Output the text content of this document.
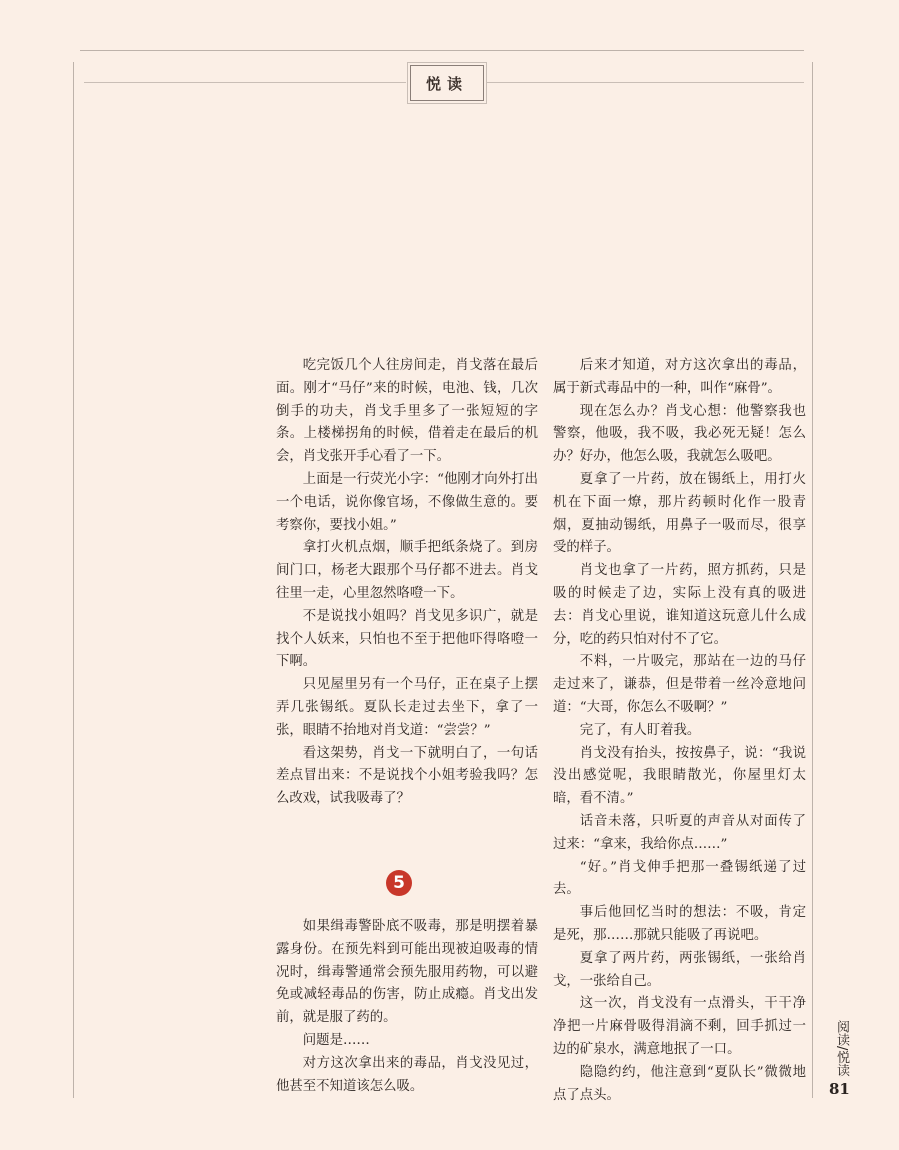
悦读

吃完饭几个人往房间走，肖戈落在最后面。刚才“马仔”来的时候，电池、钱，几次倒手的功夫，肖戈手里多了一张短短的字条。上楼梯拐角的时候，借着走在最后的机会，肖戈张开手心看了一下。

上面是一行荧光小字：“他刚才向外打出一个电话，说你像官场，不像做生意的。要考察你，要找小姐。”

拿打火机点烟，顺手把纸条烧了。到房间门口，杨老大跟那个马仔都不进去。肖戈往里一走，心里忽然咯噔一下。

不是说找小姐吗？肖戈见多识广，就是找个人妖来，只怕也不至于把他吓得咯噔一下啊。

只见屋里另有一个马仔，正在桌子上摆弄几张锡纸。夏队长走过去坐下，拿了一张，眼睛不抬地对肖戈道：“尝尝？”

看这架势，肖戈一下就明白了，一句话差点冒出来：不是说找个小姐考验我吗？怎么改戏，试我吸毒了？

5

如果缉毒警卧底不吸毒，那是明摆着暴露身份。在预先料到可能出现被迫吸毒的情况时，缉毒警通常会预先服用药物，可以避免或减轻毒品的伤害，防止成瘾。肖戈出发前，就是服了药的。

问题是……

对方这次拿出来的毒品，肖戈没见过，他甚至不知道该怎么吸。

后来才知道，对方这次拿出的毒品，属于新式毒品中的一种，叫作“麻骨”。

现在怎么办？肖戈心想：他警察我也警察，他吸，我不吸，我必死无疑！怎么办？好办，他怎么吸，我就怎么吸吧。

夏拿了一片药，放在锡纸上，用打火机在下面一燎，那片药顿时化作一股青烟，夏抽动锡纸，用鼻子一吸而尽，很享受的样子。

肖戈也拿了一片药，照方抓药，只是吸的时候走了边，实际上没有真的吸进去：肖戈心里说，谁知道这玩意儿什么成分，吃的药只怕对付不了它。

不料，一片吸完，那站在一边的马仔走过来了，谦恭，但是带着一丝冷意地问道：“大哥，你怎么不吸啊？”

完了，有人盯着我。

肖戈没有抬头，按按鼻子，说：“我说没出感觉呢，我眼睛散光，你屋里灯太暗，看不清。”

话音未落，只听夏的声音从对面传了过来：“拿来，我给你点……”

“好。”肖戈伸手把那一叠锡纸递了过去。

事后他回忆当时的想法：不吸，肯定是死，那……那就只能吸了再说吧。

夏拿了两片药，两张锡纸，一张给肖戈，一张给自己。

这一次，肖戈没有一点滑头，干干净净把一片麻骨吸得涓滴不剩，回手抓过一边的矿泉水，满意地抿了一口。

隐隐约约，他注意到“夏队长”微微地点了点头。

阅读/悦读
81
